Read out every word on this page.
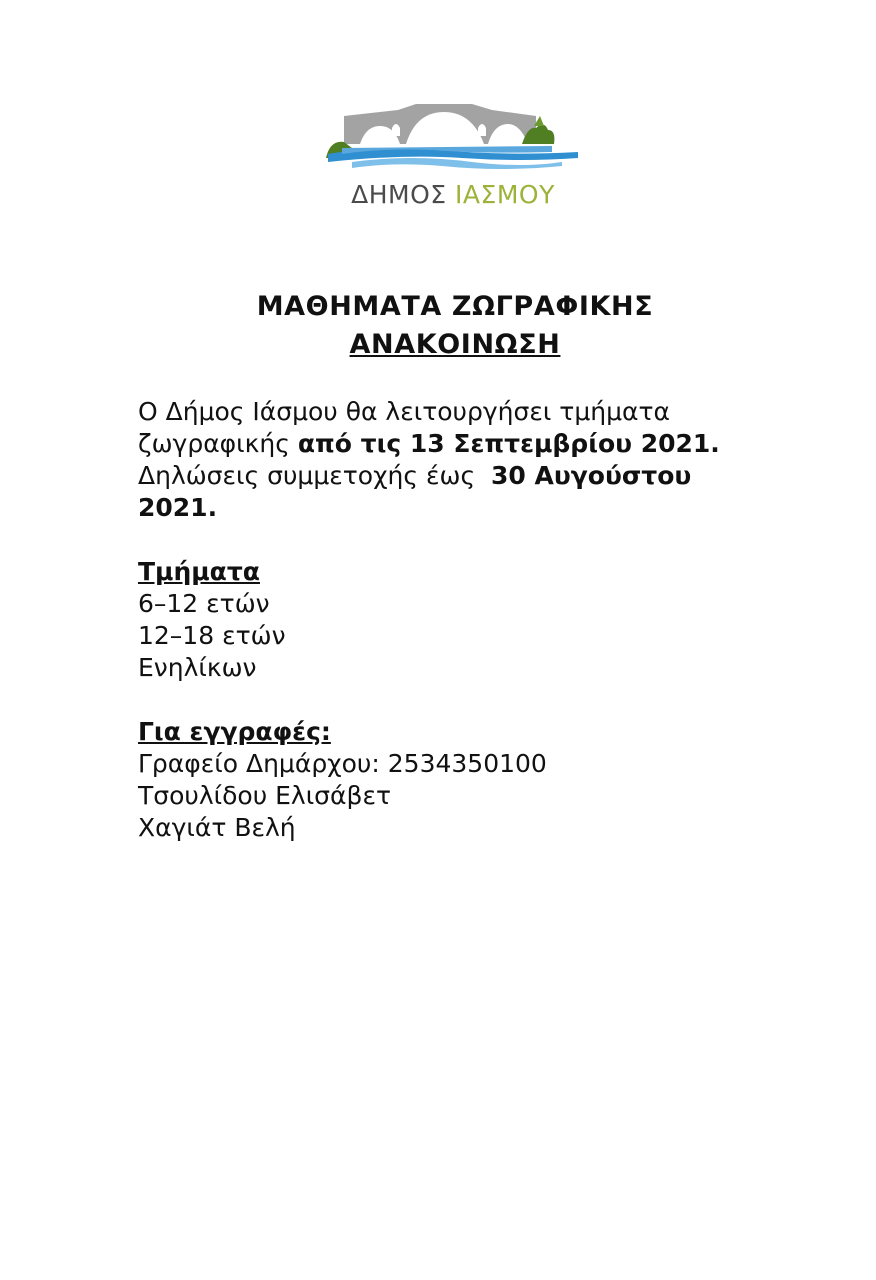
ΔΗΜΟΣ ΙΑΣΜΟΥ
ΜΑΘΗΜΑΤΑ ΖΩΓΡΑΦΙΚΗΣ
ΑΝΑΚΟΙΝΩΣΗ

Ο Δήμος Ιάσμου θα λειτουργήσει τμήματα

ζωγραφικής από τις 13 Σεπτεμβρίου 2021.

Δηλώσεις συμμετοχής έως  30 Αυγούστου

2021.

Τμήματα

6–12 ετών

12–18 ετών

Ενηλίκων

Για εγγραφές:

Γραφείο Δημάρχου: 2534350100

Τσουλίδου Ελισάβετ

Χαγιάτ Βελή
